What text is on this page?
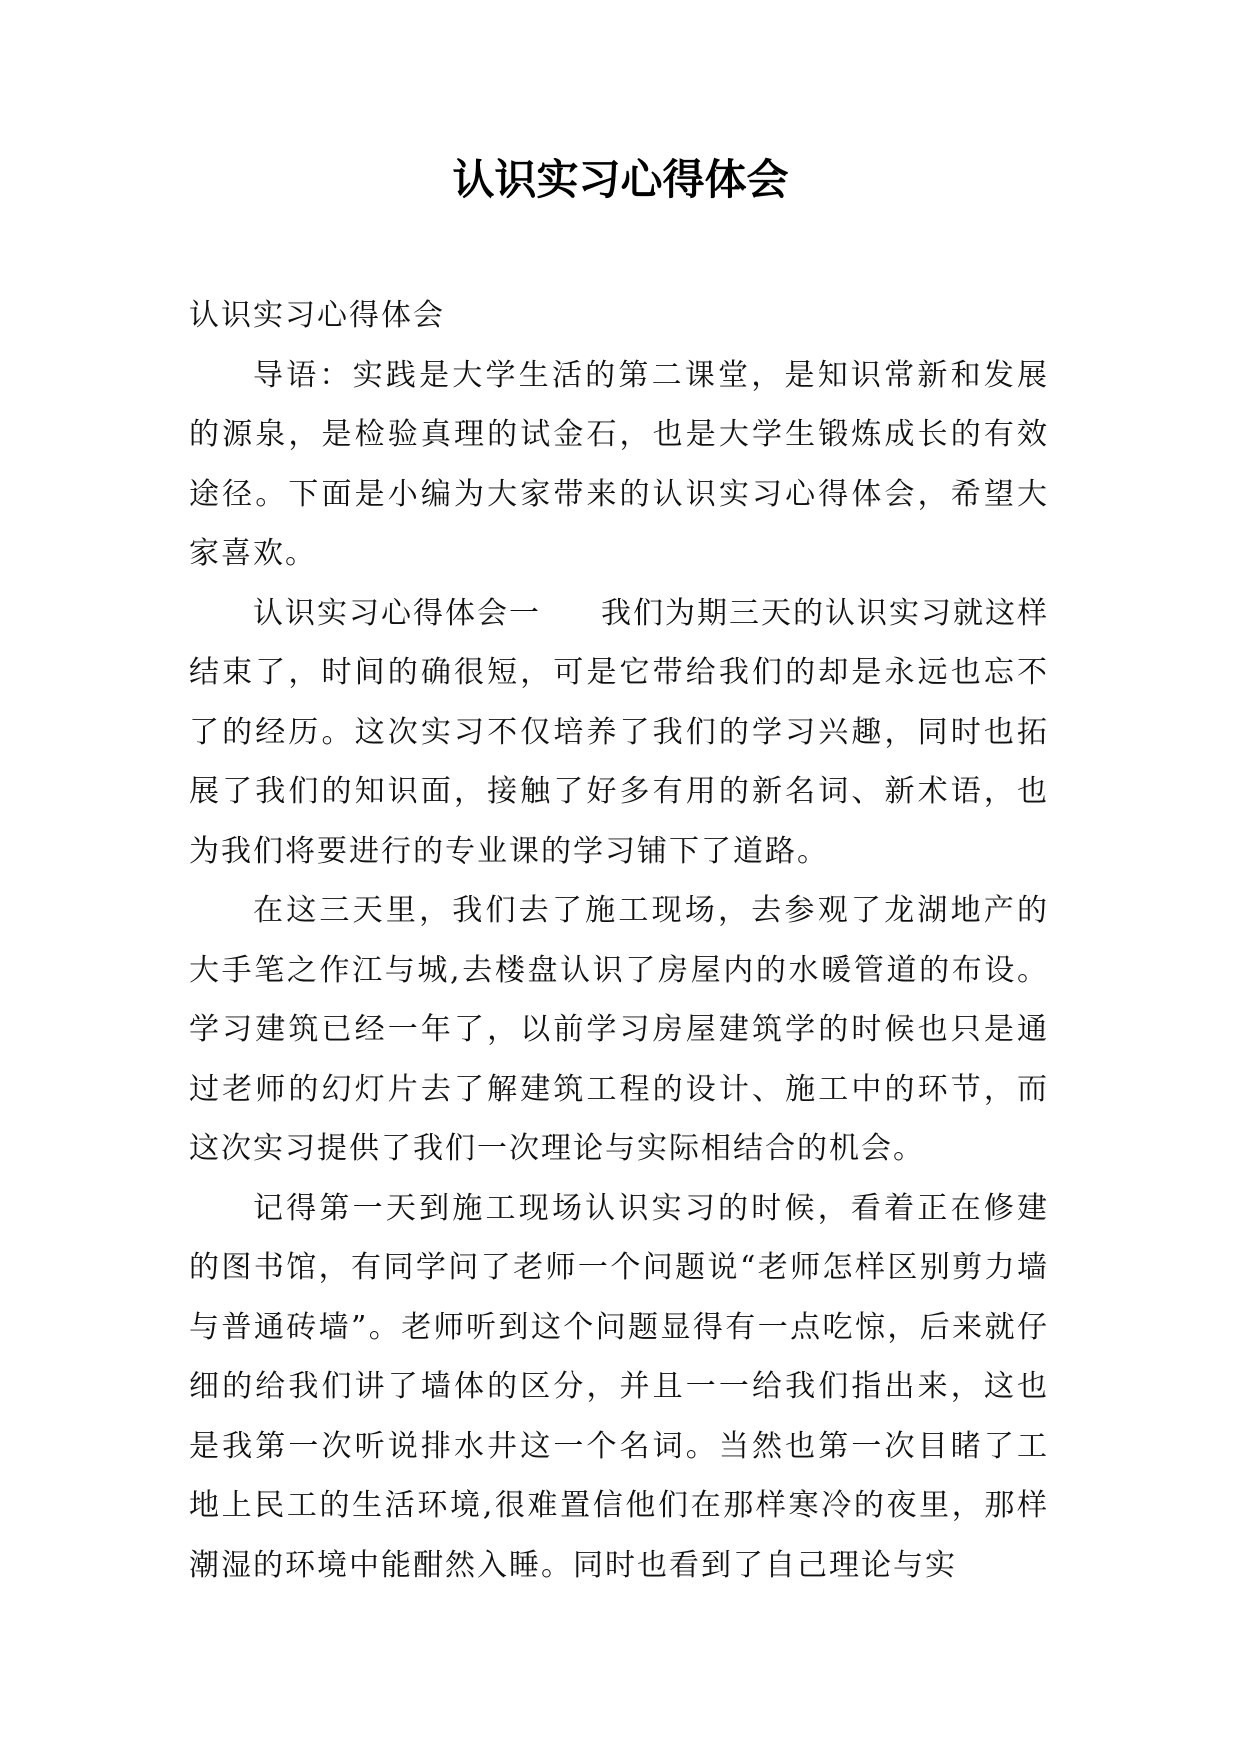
认识实习心得体会

认识实习心得体会

导语：实践是大学生活的第二课堂，是知识常新和发展的源泉，是检验真理的试金石，也是大学生锻炼成长的有效途径。下面是小编为大家带来的认识实习心得体会，希望大家喜欢。

认识实习心得体会一 我们为期三天的认识实习就这样结束了，时间的确很短，可是它带给我们的却是永远也忘不了的经历。这次实习不仅培养了我们的学习兴趣，同时也拓展了我们的知识面，接触了好多有用的新名词、新术语，也为我们将要进行的专业课的学习铺下了道路。

在这三天里，我们去了施工现场，去参观了龙湖地产的大手笔之作江与城,去楼盘认识了房屋内的水暖管道的布设。学习建筑已经一年了，以前学习房屋建筑学的时候也只是通过老师的幻灯片去了解建筑工程的设计、施工中的环节，而这次实习提供了我们一次理论与实际相结合的机会。

记得第一天到施工现场认识实习的时候，看着正在修建的图书馆，有同学问了老师一个问题说“老师怎样区别剪力墙与普通砖墙”。老师听到这个问题显得有一点吃惊，后来就仔细的给我们讲了墙体的区分，并且一一给我们指出来，这也是我第一次听说排水井这一个名词。当然也第一次目睹了工地上民工的生活环境,很难置信他们在那样寒冷的夜里，那样潮湿的环境中能酣然入睡。同时也看到了自己理论与实
